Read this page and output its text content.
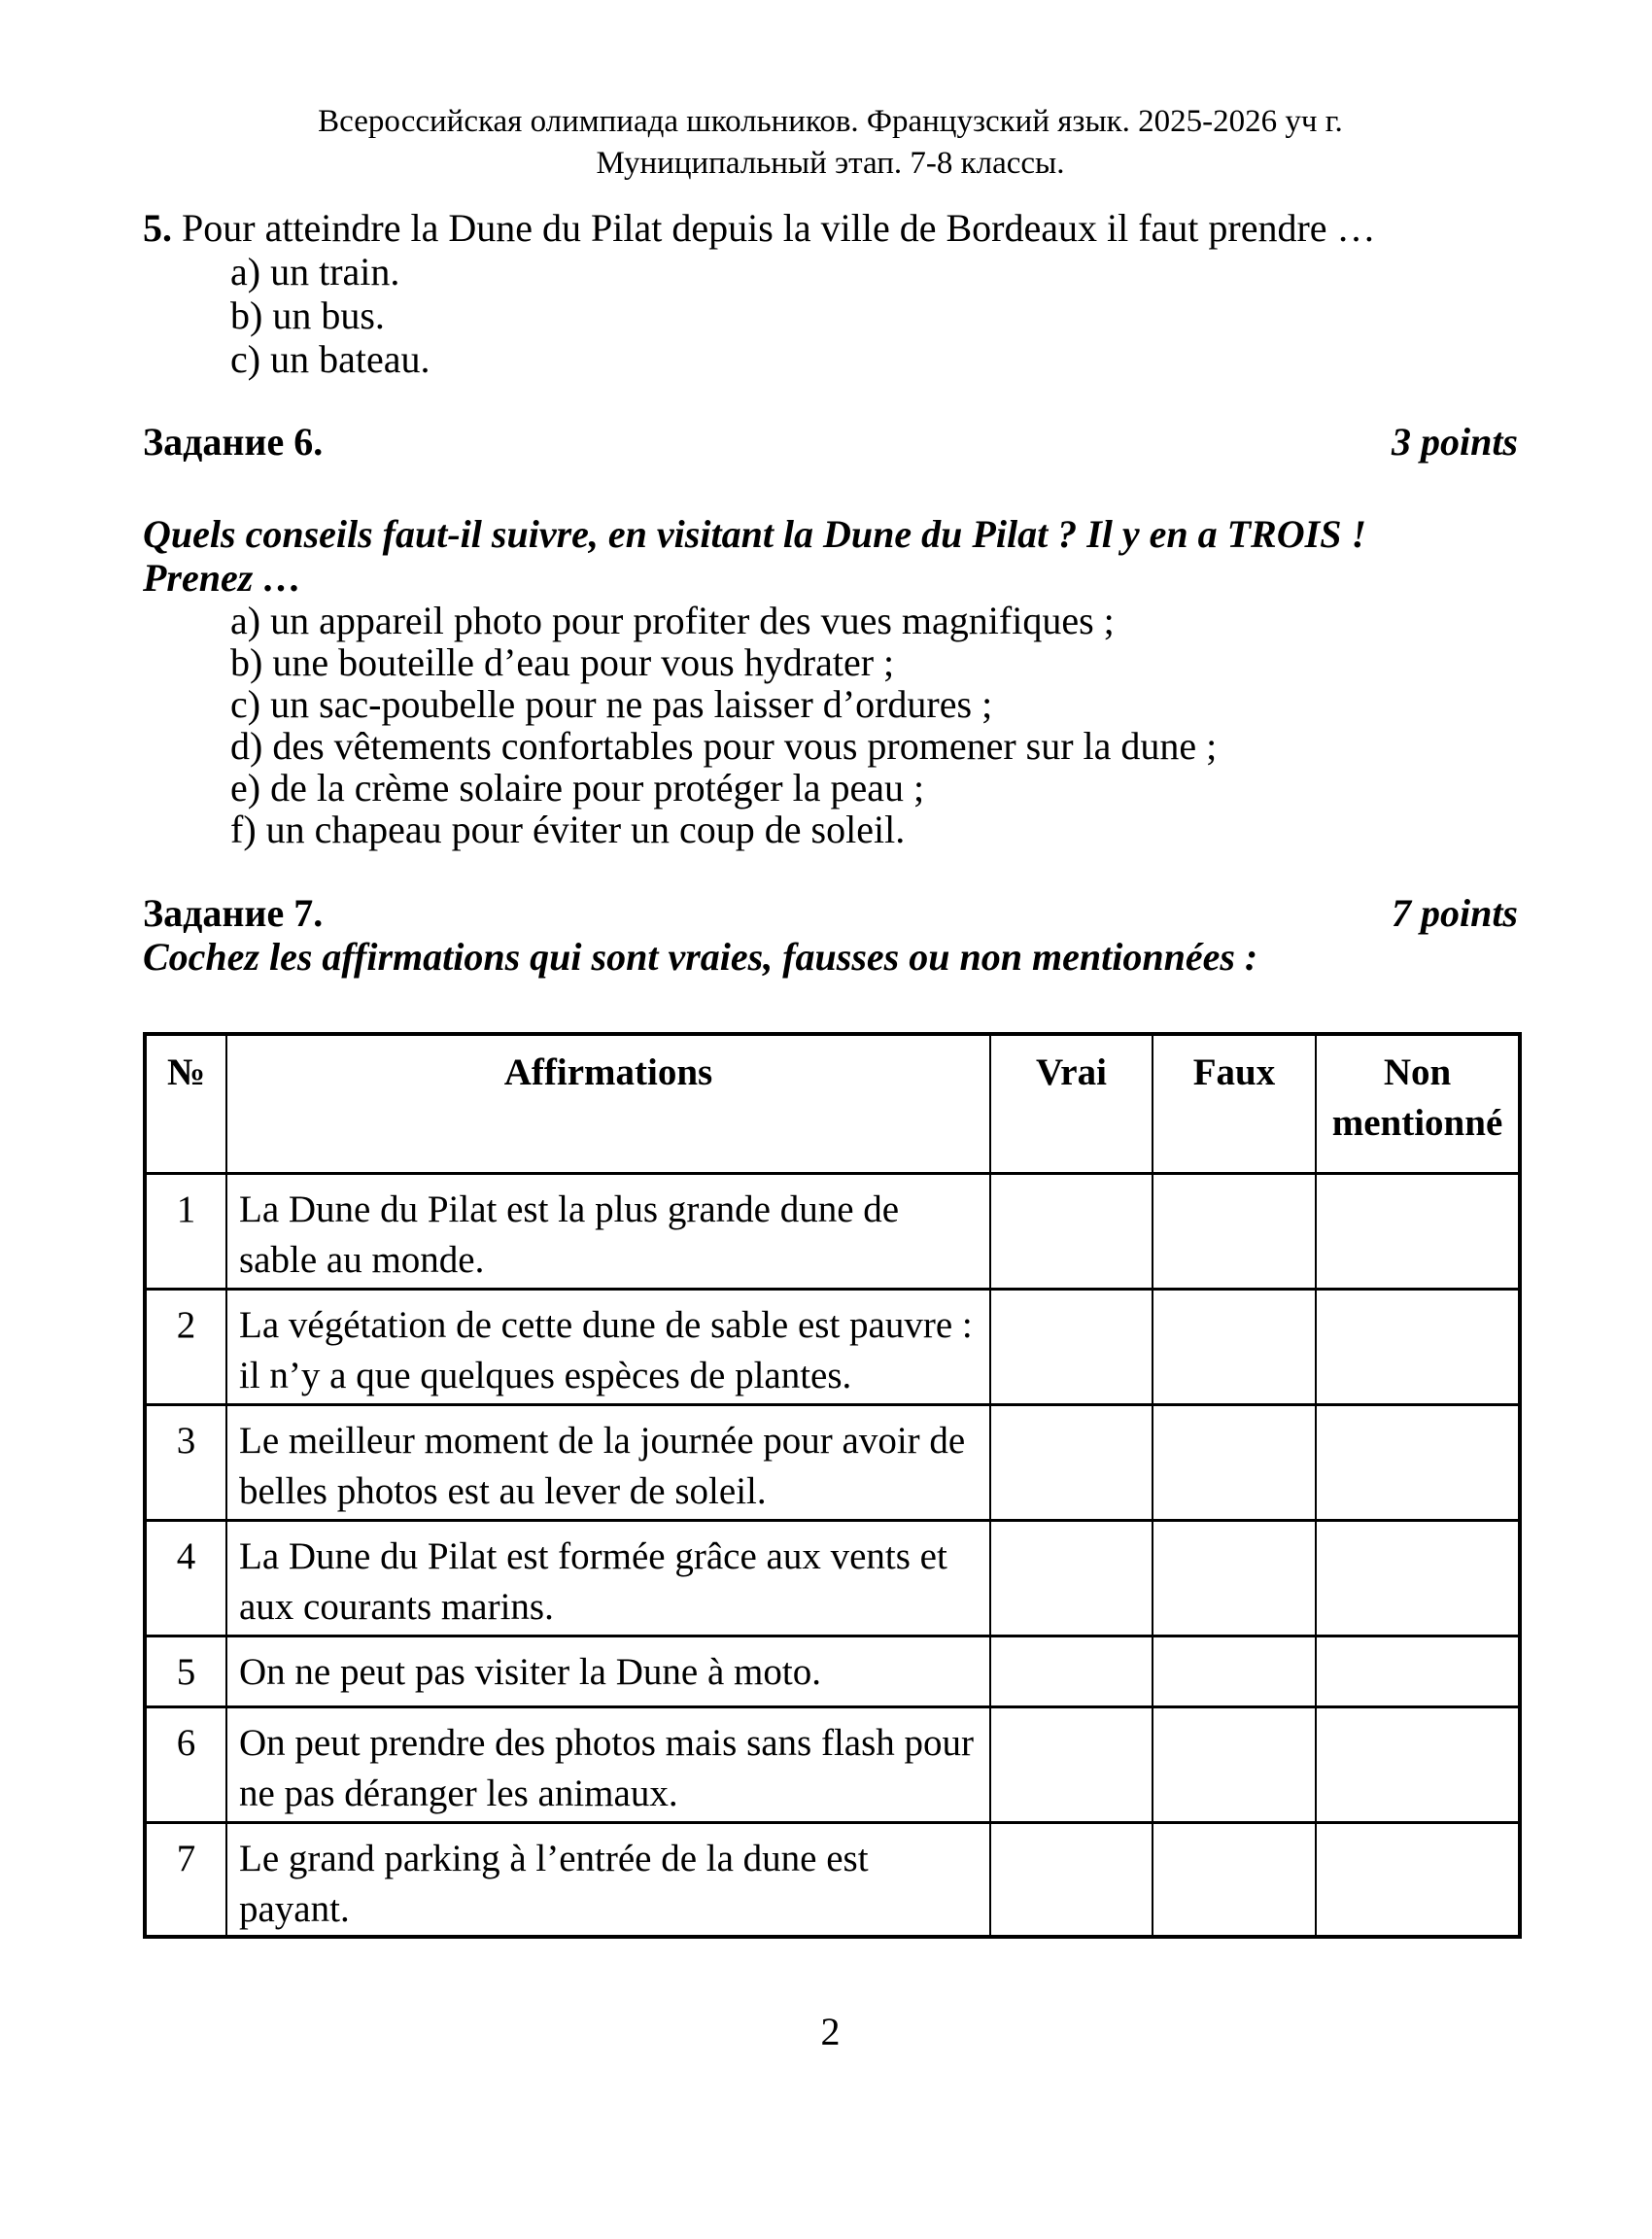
Всероссийская олимпиада школьников. Французский язык. 2025-2026 уч г.
Муниципальный этап. 7-8 классы.

5. Pour atteindre la Dune du Pilat depuis la ville de Bordeaux il faut prendre …

a) un train.
b) un bus.
c) un bateau.
Задание 6.	3 points
Quels conseils faut-il suivre, en visitant la Dune du Pilat ? Il y en a TROIS !
Prenez …
a) un appareil photo pour profiter des vues magnifiques ;
b) une bouteille d’eau pour vous hydrater ;
c) un sac-poubelle pour ne pas laisser d’ordures ;
d) des vêtements confortables pour vous promener sur la dune ;
e) de la crème solaire pour protéger la peau ;
f) un chapeau pour éviter un coup de soleil.
Задание 7.	7 points
Cochez les affirmations qui sont vraies, fausses ou non mentionnées :
№	Affirmations	Vrai	Faux	Non mentionné
1	La Dune du Pilat est la plus grande dune de sable au monde.			
2	La végétation de cette dune de sable est pauvre : il n’y a que quelques espèces de plantes.			
3	Le meilleur moment de la journée pour avoir de belles photos est au lever de soleil.			
4	La Dune du Pilat est formée grâce aux vents et aux courants marins.			
5	On ne peut pas visiter la Dune à moto.			
6	On peut prendre des photos mais sans flash pour ne pas déranger les animaux.			
7	Le grand parking à l’entrée de la dune est payant.			
2
